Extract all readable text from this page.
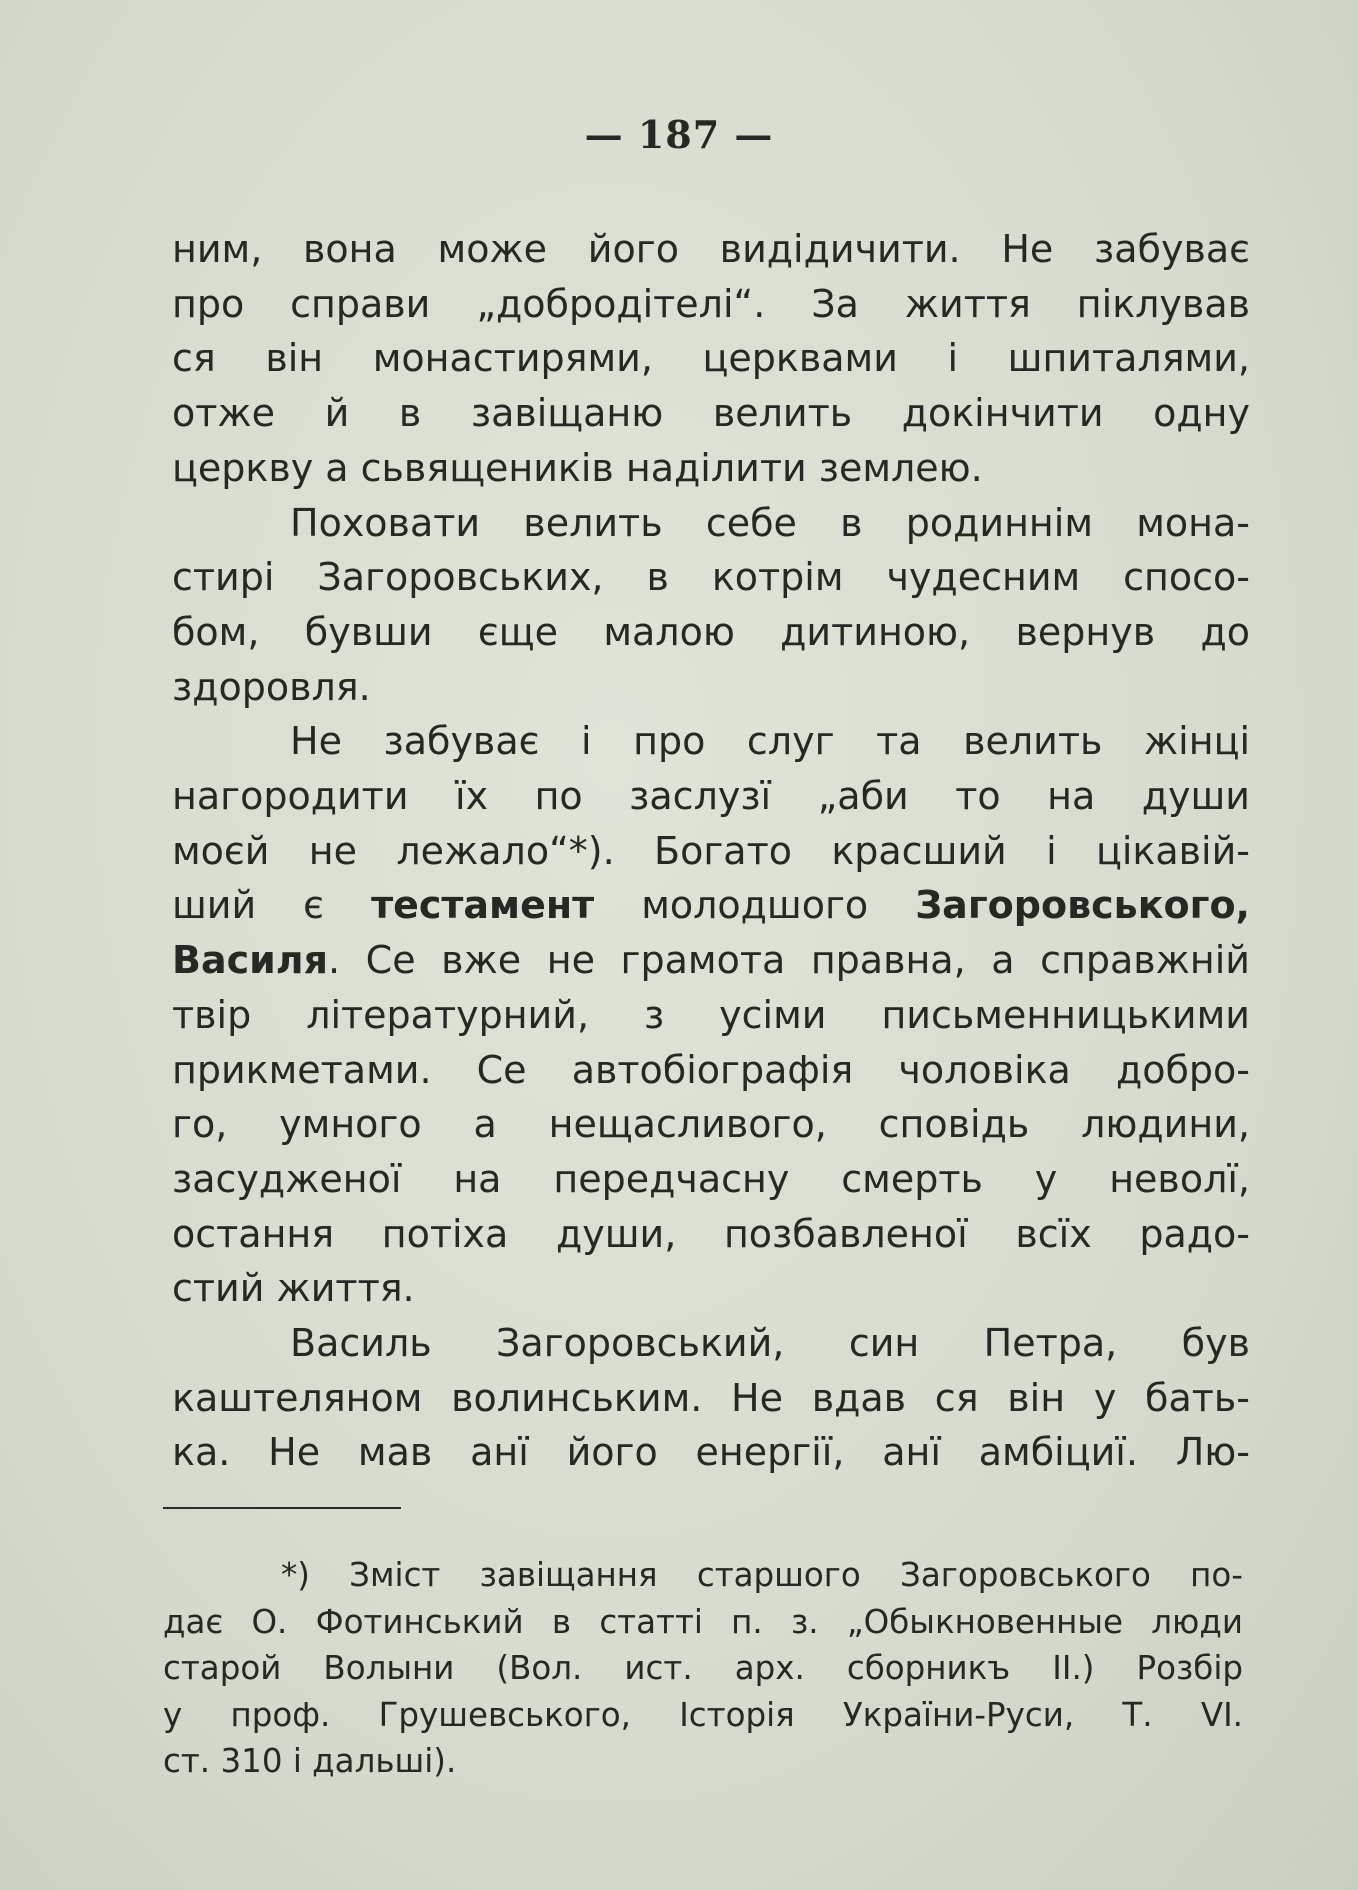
— 187 —

ним, вона може його видідичити. Не забуває

про справи „добродітелі“. За життя піклував

ся він монастирями, церквами і шпиталями,

отже й в завіщаню велить докінчити одну

церкву а сьвящеників наділити землею.

Поховати велить себе в родиннім мона-

стирі Загоровських, в котрім чудесним спосо-

бом, бувши єще малою дитиною, вернув до

здоровля.

Не забуває і про слуг та велить жінці

нагородити їх по заслузї „аби то на души

моєй не лежало“*). Богато красший і цікавій-

ший є тестамент молодшого Загоровського,

Василя. Се вже не грамота правна, а справжній

твір літературний, з усіми письменницькими

прикметами. Се автобіографія чоловіка добро-

го, умного а нещасливого, сповідь людини,

засудженої на передчасну смерть у неволї,

остання потіха души, позбавленої всїх радо-

стий життя.

Василь Загоровський, син Петра, був

каштеляном волинським. Не вдав ся він у бать-

ка. Не мав анї його енергії, анї амбіциї. Лю-

*) Зміст завіщання старшого Загоровського по-

дає О. Фотинський в статті п. з. „Обыкновенные люди

старой Волыни (Вол. ист. арх. сборникъ II.) Розбір

у проф. Грушевського, Історія України-Руси, Т. VI.

ст. 310 і дальші).
